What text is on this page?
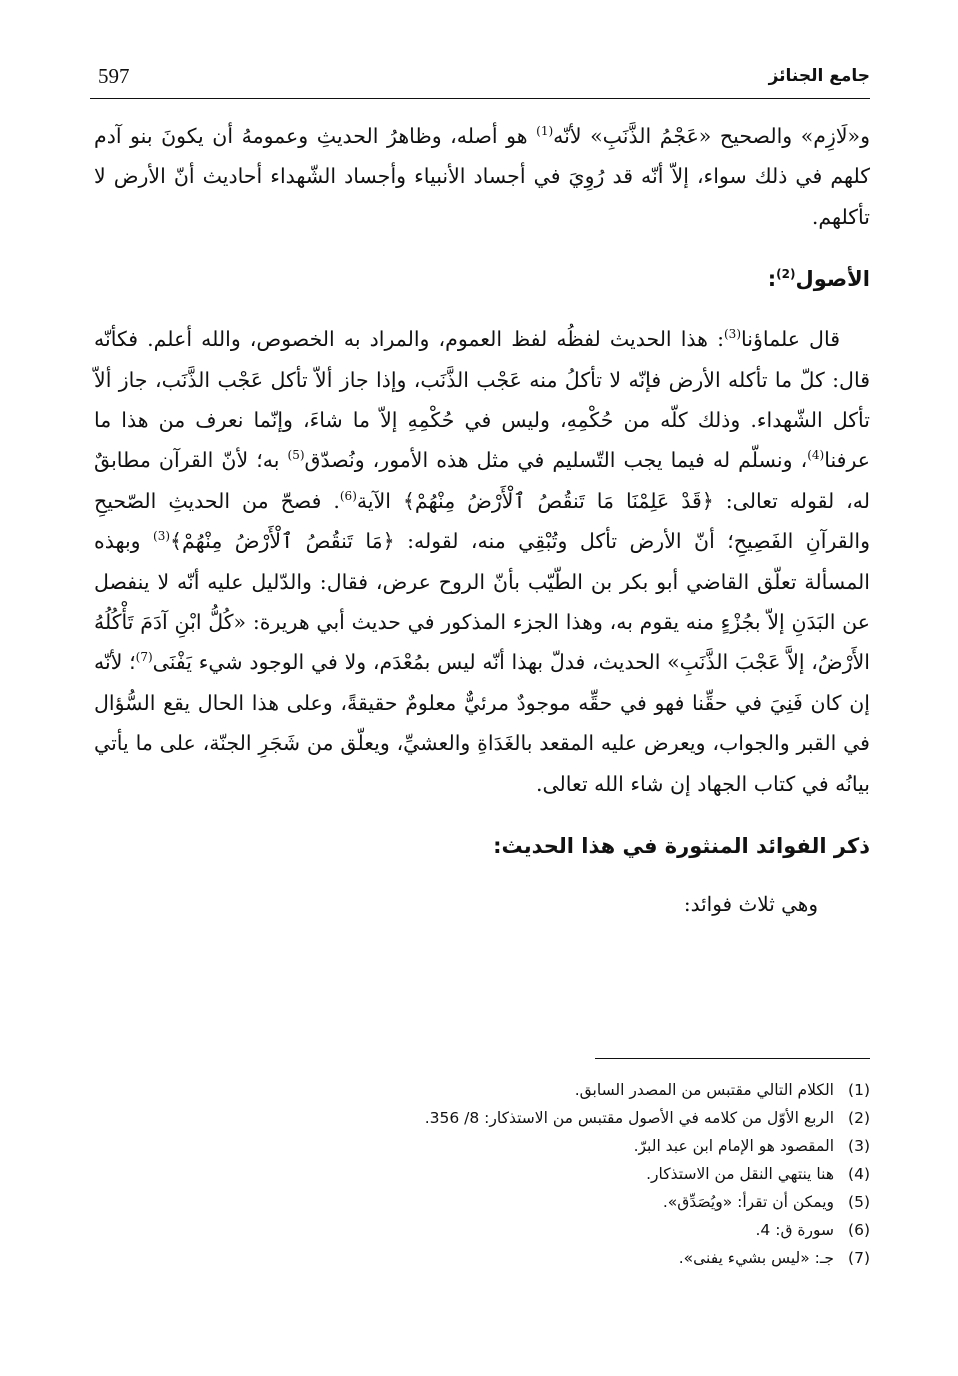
597	جامع الجنائز

و«لَازِم» والصحيح «عَجْمُ الذَّنَبِ» لأنّه$^{(1)}$ هو أصله، وظاهرُ الحديثِ وعمومهُ أن يكونَ بنو آدم كلهم في ذلك سواء، إلاّ أنّه قد رُوِيَ في أجساد الأنبياء وأجساد الشّهداء أحاديث أنّ الأرض لا تأكلهم.

الأصول$^{(2)}$:

قال علماؤنا$^{(3)}$: هذا الحديث لفظُه لفظ العموم، والمراد به الخصوص، والله أعلم. فكأنّه قال: كلّ ما تأكله الأرض فإنّه لا تأكلُ منه عَجْب الذَّنَب، وإذا جاز ألاّ تأكل عَجْب الذَّنَب، جاز ألاّ تأكل الشّهداء. وذلك كلّه من حُكْمِهِ، وليس في حُكْمِهِ إلاّ ما شاءَ، وإنّما نعرف من هذا ما عرفنا$^{(4)}$، ونسلّم له فيما يجب التّسليم في مثل هذه الأمور، ونُصدّق$^{(5)}$ به؛ لأنّ القرآن مطابقٌ له، لقوله تعالى: ﴿قَدْ عَلِمْنَا مَا تَنقُصُ ٱلْأَرْضُ مِنْهُمْ﴾ الآية$^{(6)}$. فصحّ من الحديثِ الصّحيحِ والقرآنِ الفَصِيحِ؛ أنّ الأرض تأكل وتُبْقِي منه، لقوله: ﴿مَا تَنقُصُ ٱلْأَرْضُ مِنْهُمْ﴾$^{(3)}$ وبهذه المسألة تعلّق القاضي أبو بكر بن الطّيّب بأنّ الروح عرض، فقال: والدّليل عليه أنّه لا ينفصل عن البَدَنِ إلاّ بجُزْءٍ منه يقوم به، وهذا الجزء المذكور في حديث أبي هريرة: «كُلُّ ابْنِ آدَمَ تَأْكُلُهُ الأَرْضُ، إلاَّ عَجْبَ الذَّنَبِ» الحديث، فدلّ بهذا أنّه ليس بمُعْدَم، ولا في الوجود شيء يَفْنَى$^{(7)}$؛ لأنّه إن كان فَنِيَ في حقِّنا فهو في حقِّه موجودٌ مرئيٌّ معلومٌ حقيقةً، وعلى هذا الحال يقع السُّؤال في القبر والجواب، ويعرض عليه المقعد بالغَدَاةِ والعشيِّ، ويعلّق من شَجَرِ الجنّة، على ما يأتي بيانُه في كتاب الجهاد إن شاء الله تعالى.

ذكر الفوائد المنثورة في هذا الحديث:

وهي ثلاث فوائد:

(1)الكلام التالي مقتبس من المصدر السابق.
(2)الربع الأوّل من كلامه في الأصول مقتبس من الاستذكار: 8/ 356.
(3)المقصود هو الإمام ابن عبد البرّ.
(4)هنا ينتهي النقل من الاستذكار.
(5)ويمكن أن تقرأ: «ويُصَدِّق».
(6)سورة ق: 4.
(7)جـ: «ليس بشيء يفنى».
